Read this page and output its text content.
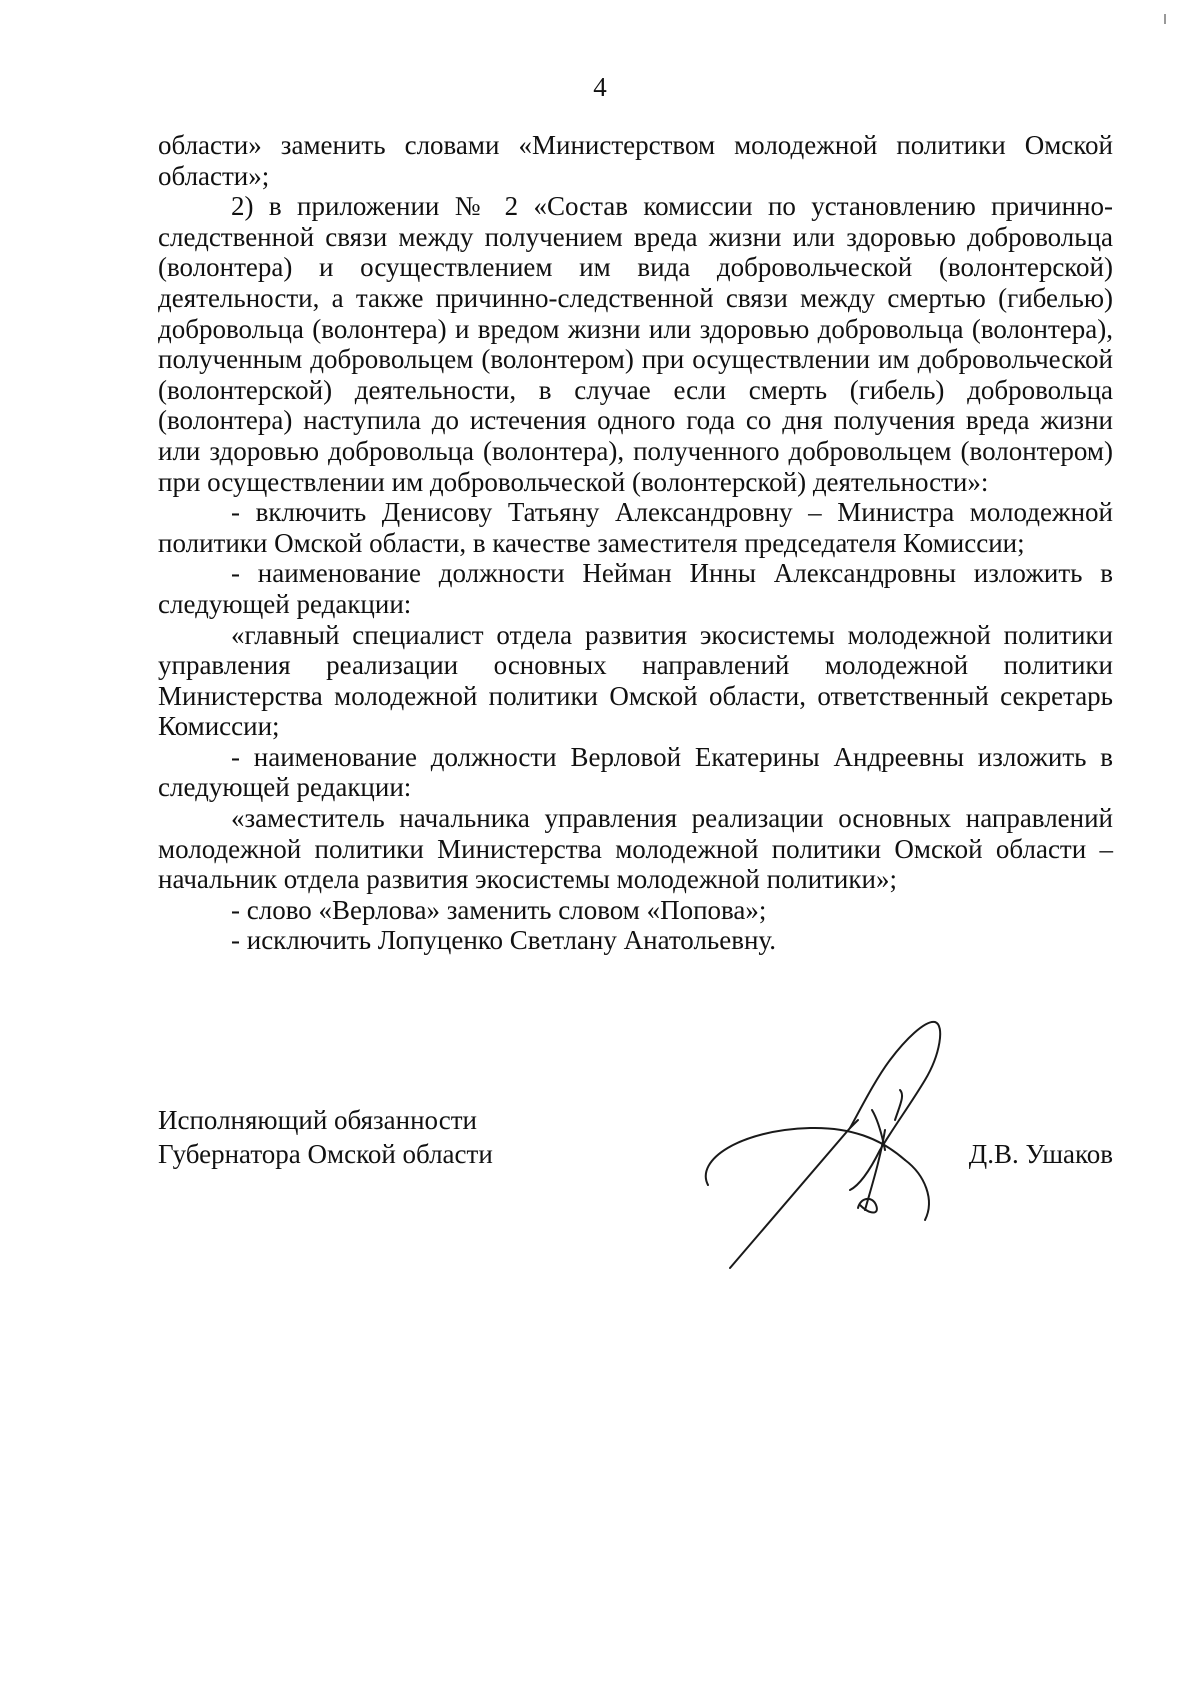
4

области» заменить словами «Министерством молодежной политики Омской области»;

2) в приложении № 2 «Состав комиссии по установлению причинно-следственной связи между получением вреда жизни или здоровью добровольца (волонтера) и осуществлением им вида добровольческой (волонтерской) деятельности, а также причинно-следственной связи между смертью (гибелью) добровольца (волонтера) и вредом жизни или здоровью добровольца (волонтера), полученным добровольцем (волонтером) при осуществлении им добровольческой (волонтерской) деятельности, в случае если смерть (гибель) добровольца (волонтера) наступила до истечения одного года со дня получения вреда жизни или здоровью добровольца (волонтера), полученного добровольцем (волонтером) при осуществлении им добровольческой (волонтерской) деятельности»:

- включить Денисову Татьяну Александровну – Министра молодежной политики Омской области, в качестве заместителя председателя Комиссии;

- наименование должности Нейман Инны Александровны изложить в следующей редакции:

«главный специалист отдела развития экосистемы молодежной политики управления реализации основных направлений молодежной политики Министерства молодежной политики Омской области, ответственный секретарь Комиссии;

- наименование должности Верловой Екатерины Андреевны изложить в следующей редакции:

«заместитель начальника управления реализации основных направлений молодежной политики Министерства молодежной политики Омской области – начальник отдела развития экосистемы молодежной политики»;

- слово «Верлова» заменить словом «Попова»;

- исключить Лопуценко Светлану Анатольевну.

Исполняющий обязанности
Губернатора Омской области	Д.В. Ушаков
